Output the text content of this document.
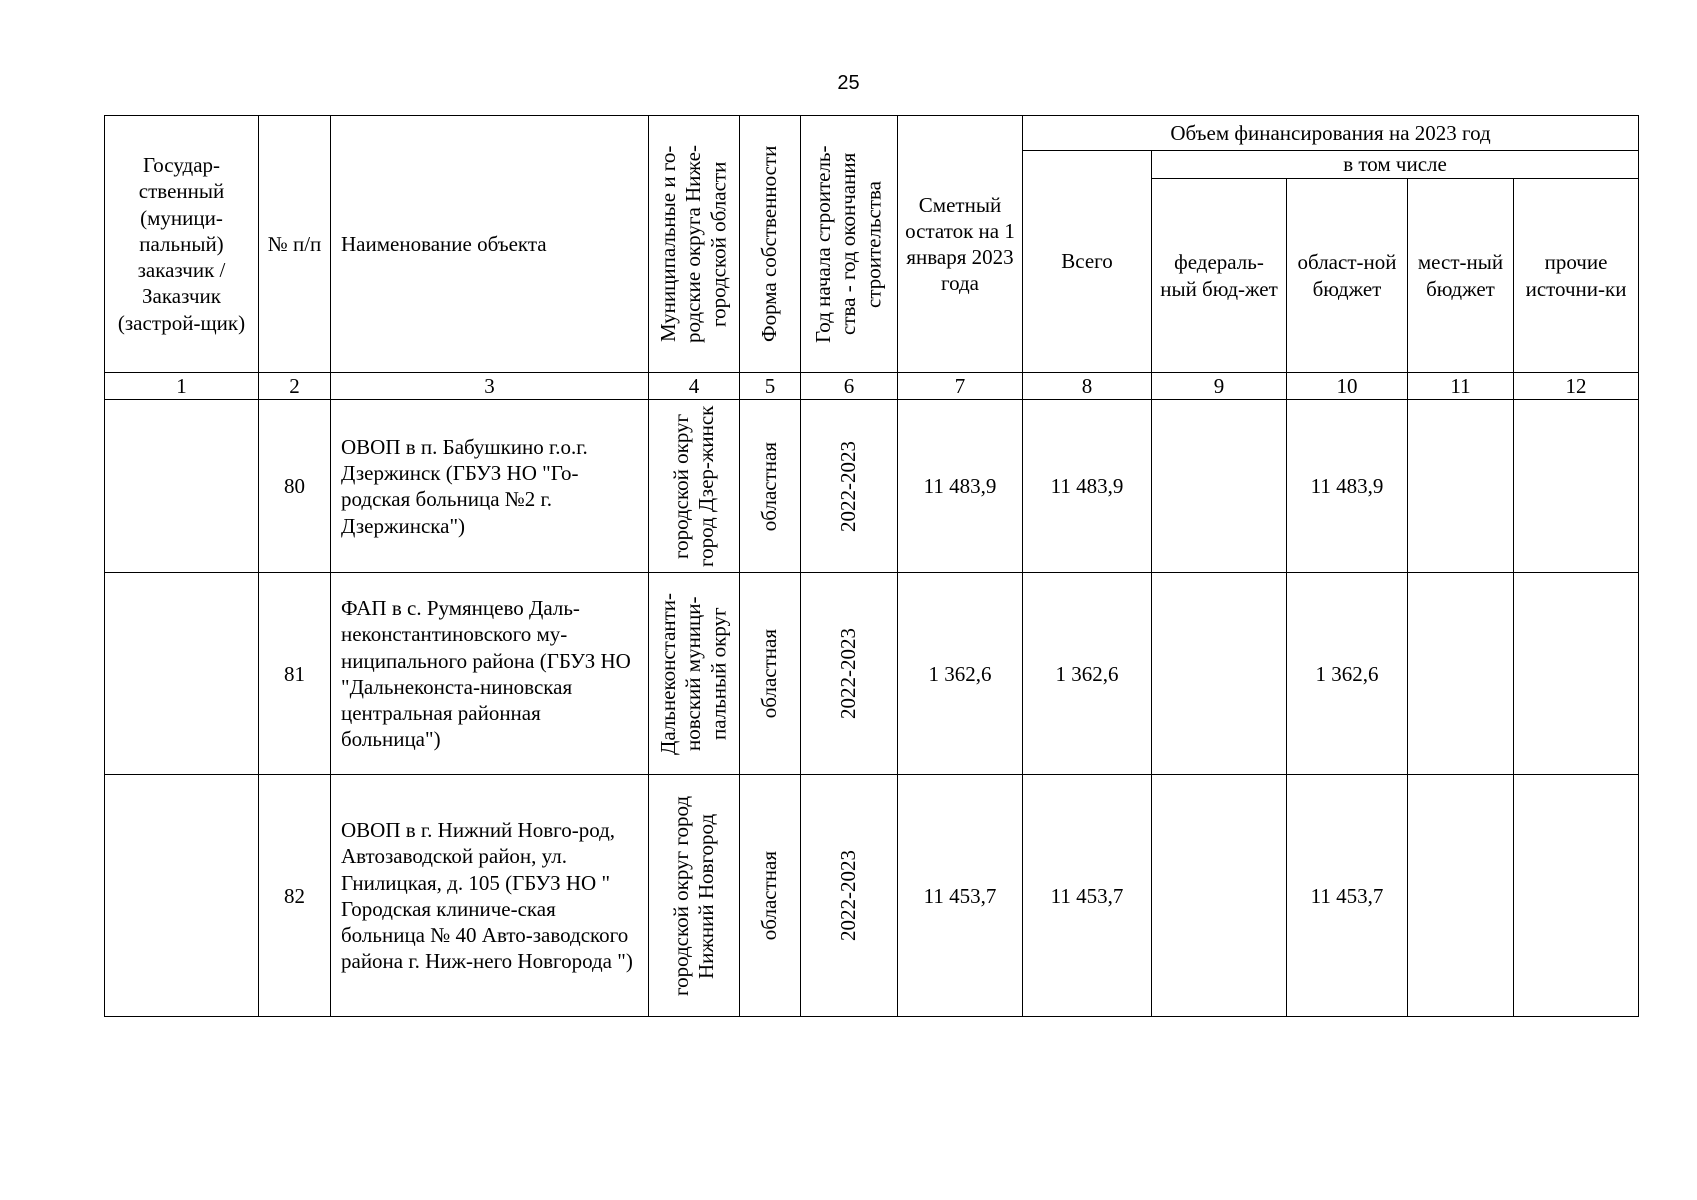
25
Государ-ственный (муници-пальный) заказчик / Заказчик (застрой-щик)	№ п/п	Наименование объекта	Муниципальные и го-родские округа Ниже-городской области	Форма собственности	Год начала строитель-ства - год окончания строительства	Сметный остаток на 1 января 2023 года	Объем финансирования на 2023 год				
							Всего	в том числе			
								федераль-ный бюд-жет	област-ной бюджет	мест-ный бюджет	прочие источни-ки
1	2	3	4	5	6	7	8	9	10	11	12
	80	ОВОП в п. Бабушкино г.о.г. Дзержинск (ГБУЗ НО "Го-родская больница №2 г. Дзержинска")	городской округ город Дзер-жинск	областная	2022-2023	11 483,9	11 483,9		11 483,9		
	81	ФАП в с. Румянцево Даль-неконстантиновского му-ниципального района (ГБУЗ НО "Дальнеконста-ниновская центральная районная больница")	Дальнеконстанти-новский муници-пальный округ	областная	2022-2023	1 362,6	1 362,6		1 362,6		
	82	ОВОП в г. Нижний Новго-род, Автозаводской район, ул. Гнилицкая, д. 105 (ГБУЗ НО " Городская клиниче-ская больница № 40 Авто-заводского района г. Ниж-него Новгорода ")	городской округ город Нижний Новгород	областная	2022-2023	11 453,7	11 453,7		11 453,7		
